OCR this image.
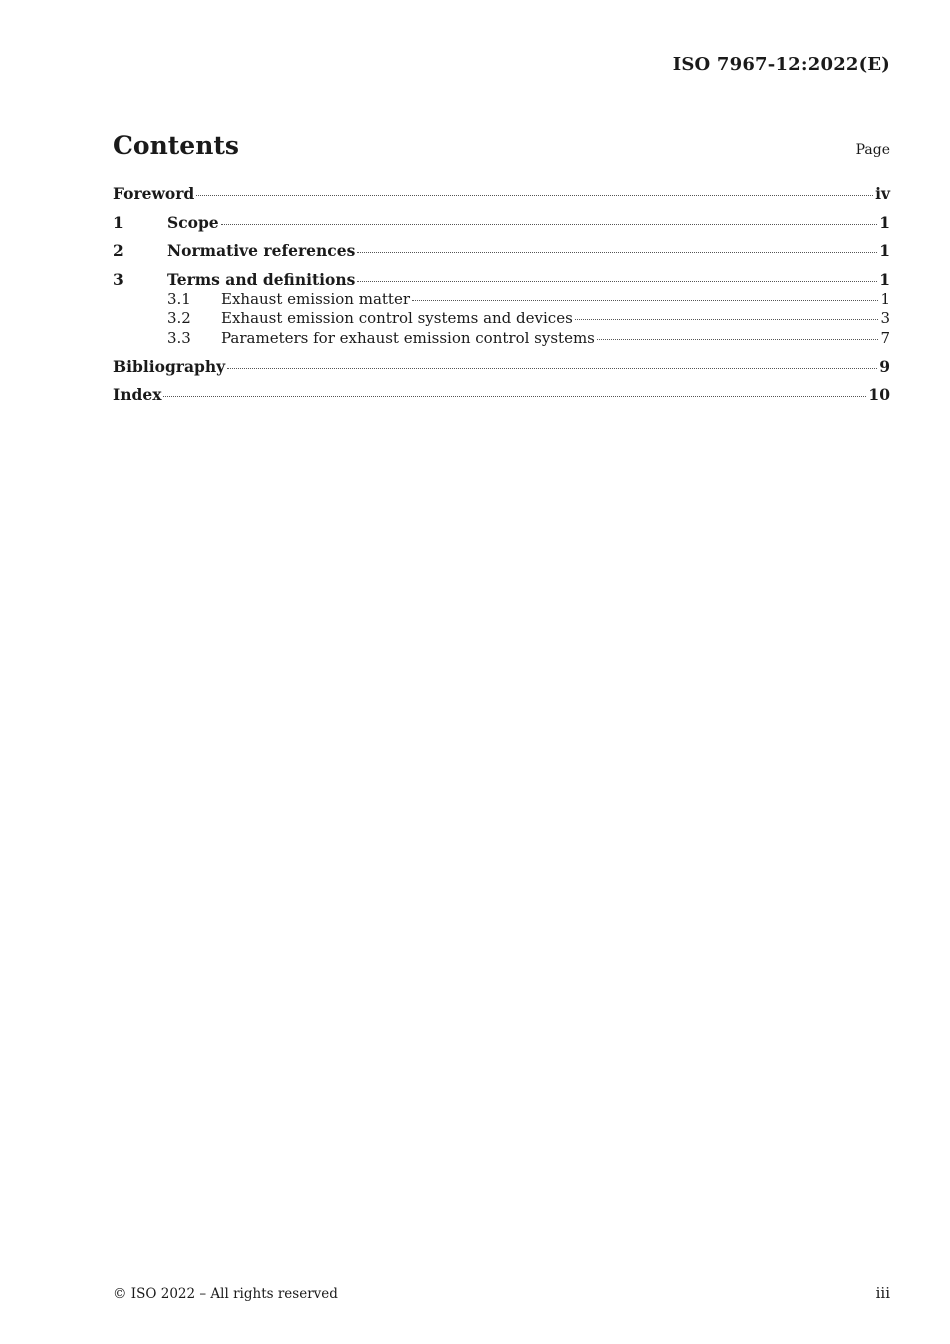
ISO 7967-12:2022(E)
Contents	Page
Foreword	iv
1	Scope	1
2	Normative references	1
3	Terms and definitions	1
3.1	Exhaust emission matter	1
3.2	Exhaust emission control systems and devices	3
3.3	Parameters for exhaust emission control systems	7
Bibliography	9
Index	10
© ISO 2022 – All rights reserved	iii
